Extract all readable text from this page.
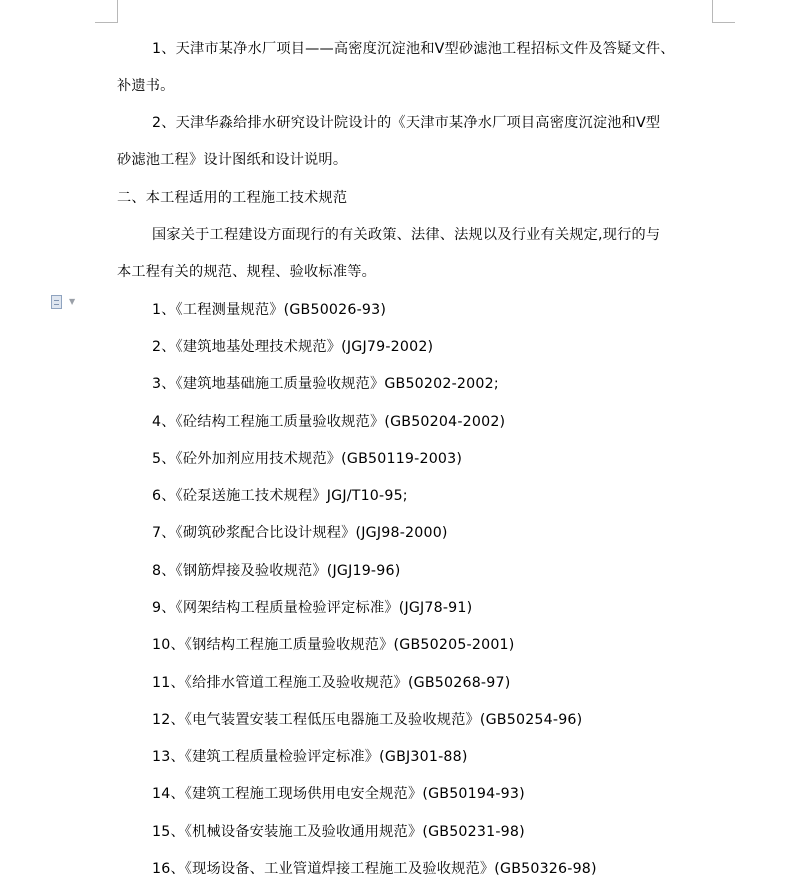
▼
1、天津市某净水厂项目——高密度沉淀池和V型砂滤池工程招标文件及答疑文件、
补遗书。
2、天津华淼给排水研究设计院设计的《天津市某净水厂项目高密度沉淀池和V型
砂滤池工程》设计图纸和设计说明。
二、本工程适用的工程施工技术规范
国家关于工程建设方面现行的有关政策、法律、法规以及行业有关规定,现行的与
本工程有关的规范、规程、验收标准等。
1、《工程测量规范》(GB50026-93)
2、《建筑地基处理技术规范》(JGJ79-2002)
3、《建筑地基础施工质量验收规范》GB50202-2002;
4、《砼结构工程施工质量验收规范》(GB50204-2002)
5、《砼外加剂应用技术规范》(GB50119-2003)
6、《砼泵送施工技术规程》JGJ/T10-95;
7、《砌筑砂浆配合比设计规程》(JGJ98-2000)
8、《钢筋焊接及验收规范》(JGJ19-96)
9、《网架结构工程质量检验评定标准》(JGJ78-91)
10、《钢结构工程施工质量验收规范》(GB50205-2001)
11、《给排水管道工程施工及验收规范》(GB50268-97)
12、《电气装置安装工程低压电器施工及验收规范》(GB50254-96)
13、《建筑工程质量检验评定标准》(GBJ301-88)
14、《建筑工程施工现场供用电安全规范》(GB50194-93)
15、《机械设备安装施工及验收通用规范》(GB50231-98)
16、《现场设备、工业管道焊接工程施工及验收规范》(GB50326-98)
